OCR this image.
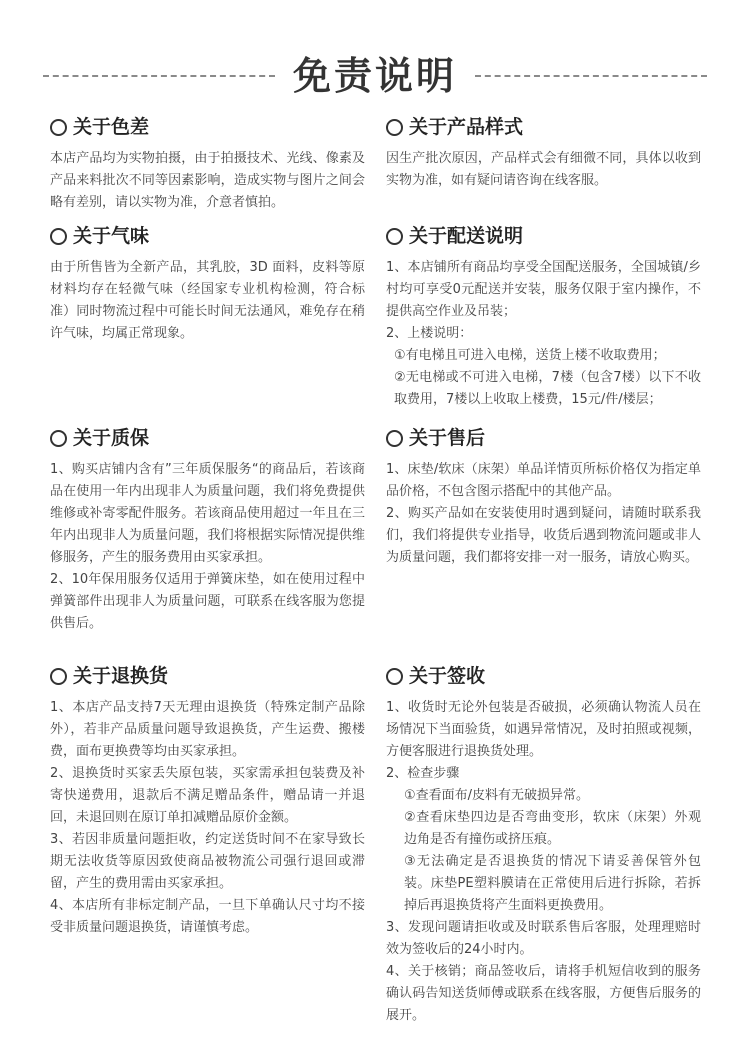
免责说明
关于色差

本店产品均为实物拍摄，由于拍摄技术、光线、像素及产品来料批次不同等因素影响，造成实物与图片之间会略有差别，请以实物为准，介意者慎拍。

关于产品样式

因生产批次原因，产品样式会有细微不同，具体以收到实物为准，如有疑问请咨询在线客服。

关于气味

由于所售皆为全新产品，其乳胶，3D 面料，皮料等原材料均存在轻微气味（经国家专业机构检测，符合标准）同时物流过程中可能长时间无法通风，难免存在稍许气味，均属正常现象。

关于配送说明

1、本店铺所有商品均享受全国配送服务，全国城镇/乡村均可享受0元配送并安装，服务仅限于室内操作，不提供高空作业及吊装；

2、上楼说明：

①有电梯且可进入电梯，送货上楼不收取费用；

②无电梯或不可进入电梯，7楼（包含7楼）以下不收取费用，7楼以上收取上楼费，15元/件/楼层；

关于质保

1、购买店铺内含有”三年质保服务“的商品后，若该商品在使用一年内出现非人为质量问题，我们将免费提供维修或补寄零配件服务。若该商品使用超过一年且在三年内出现非人为质量问题，我们将根据实际情况提供维修服务，产生的服务费用由买家承担。

2、10年保用服务仅适用于弹簧床垫，如在使用过程中弹簧部件出现非人为质量问题，可联系在线客服为您提供售后。

关于售后

1、床垫/软床（床架）单品详情页所标价格仅为指定单品价格，不包含图示搭配中的其他产品。

2、购买产品如在安装使用时遇到疑问，请随时联系我们，我们将提供专业指导，收货后遇到物流问题或非人为质量问题，我们都将安排一对一服务，请放心购买。

关于退换货

1、本店产品支持7天无理由退换货（特殊定制产品除外），若非产品质量问题导致退换货，产生运费、搬楼费，面布更换费等均由买家承担。

2、退换货时买家丢失原包装，买家需承担包装费及补寄快递费用，退款后不满足赠品条件，赠品请一并退回，未退回则在原订单扣减赠品原价金额。

3、若因非质量问题拒收，约定送货时间不在家导致长期无法收货等原因致使商品被物流公司强行退回或滞留，产生的费用需由买家承担。

4、本店所有非标定制产品，一旦下单确认尺寸均不接受非质量问题退换货，请谨慎考虑。

关于签收

1、收货时无论外包装是否破损，必须确认物流人员在场情况下当面验货，如遇异常情况，及时拍照或视频，方便客服进行退换货处理。

2、检查步骤

①查看面布/皮料有无破损异常。

②查看床垫四边是否弯曲变形，软床（床架）外观边角是否有撞伤或挤压痕。

③无法确定是否退换货的情况下请妥善保管外包装。床垫PE塑料膜请在正常使用后进行拆除，若拆掉后再退换货将产生面料更换费用。

3、发现问题请拒收或及时联系售后客服，处理理赔时效为签收后的24小时内。

4、关于核销；商品签收后，请将手机短信收到的服务确认码告知送货师傅或联系在线客服，方便售后服务的展开。
